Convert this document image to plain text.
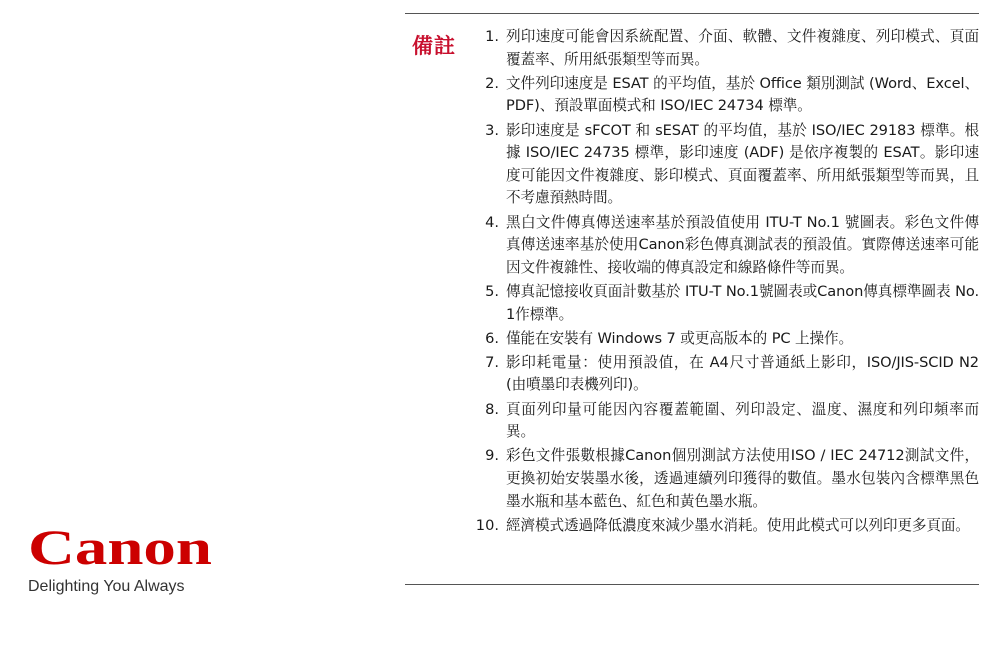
備註	1. 列印速度可能會因系統配置、介面、軟體、文件複雜度、列印模式、頁面覆蓋率、所用紙張類型等而異。
2. 文件列印速度是 ESAT 的平均值，基於 Office 類別測試 (Word、Excel、PDF)、預設單面模式和 ISO/IEC 24734 標準。
3. 影印速度是 sFCOT 和 sESAT 的平均值，基於 ISO/IEC 29183 標準。根據 ISO/IEC 24735 標準，影印速度 (ADF) 是依序複製的 ESAT。影印速度可能因文件複雜度、影印模式、頁面覆蓋率、所用紙張類型等而異，且不考慮預熱時間。
4. 黑白文件傳真傳送速率基於預設值使用 ITU-T No.1 號圖表。彩色文件傳真傳送速率基於使用Canon彩色傳真測試表的預設值。實際傳送速率可能因文件複雜性、接收端的傳真設定和線路條件等而異。
5. 傳真記憶接收頁面計數基於 ITU-T No.1號圖表或Canon傳真標準圖表 No. 1作標準。
6. 僅能在安裝有 Windows 7 或更高版本的 PC 上操作。
7. 影印耗電量：使用預設值，在 A4尺寸普通紙上影印，ISO/JIS-SCID N2 (由噴墨印表機列印)。
8. 頁面列印量可能因內容覆蓋範圍、列印設定、溫度、濕度和列印頻率而異。
9. 彩色文件張數根據Canon個別測試方法使用ISO / IEC 24712測試文件，更換初始安裝墨水後，透過連續列印獲得的數值。墨水包裝內含標準黑色墨水瓶和基本藍色、紅色和黃色墨水瓶。
10. 經濟模式透過降低濃度來減少墨水消耗。使用此模式可以列印更多頁面。
Canon
Delighting You Always
